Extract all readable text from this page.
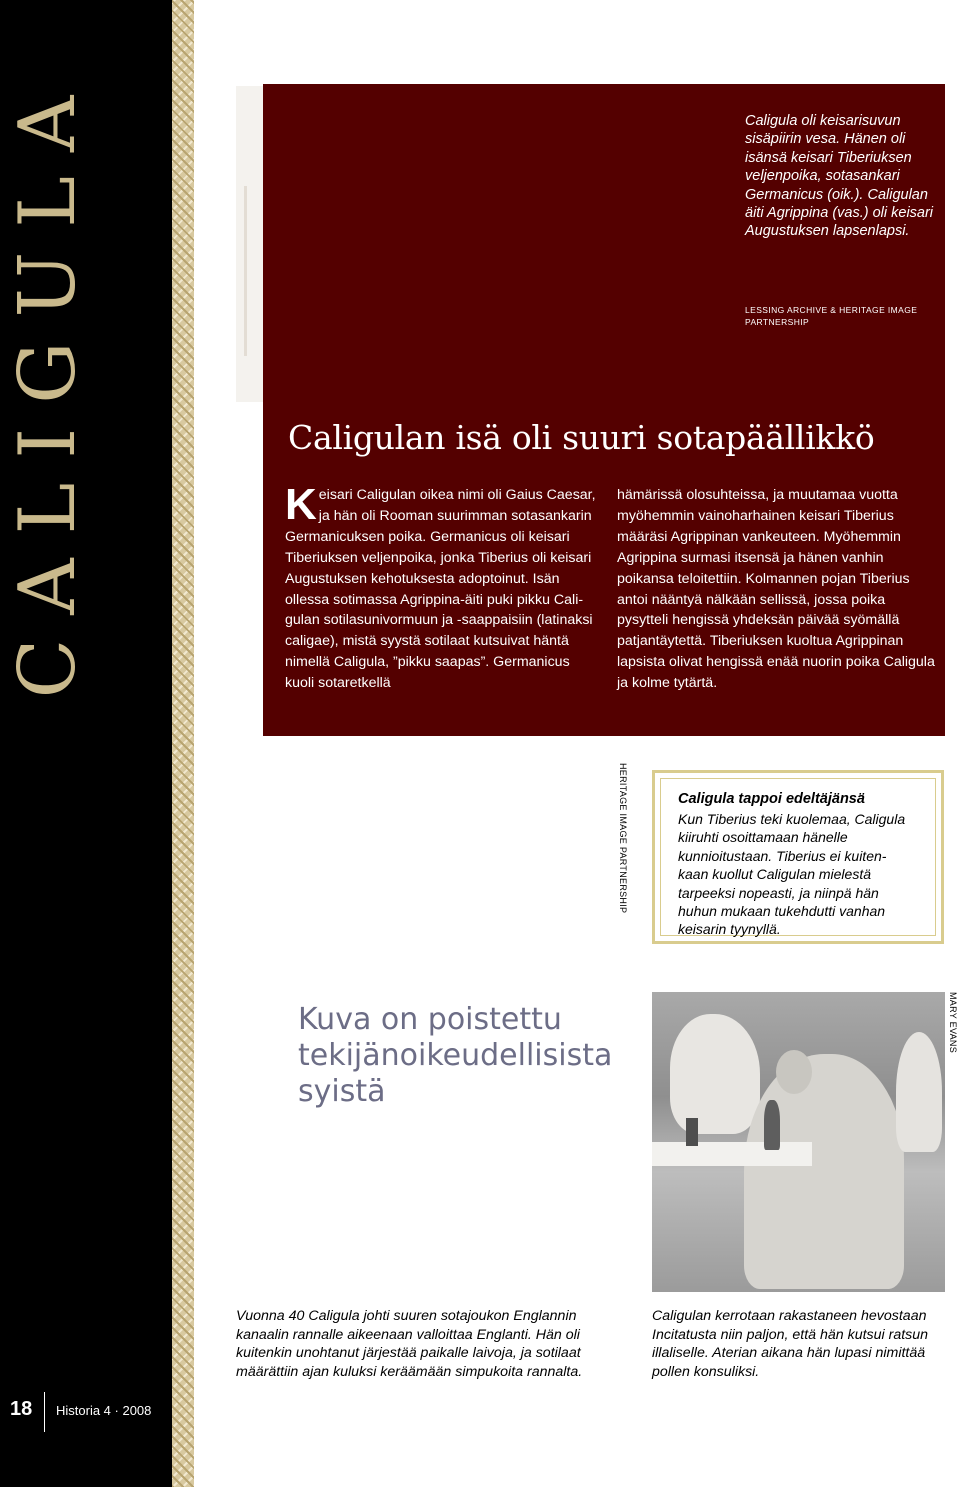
CALIGULA
18 Historia 4 · 2008
Caligula oli keisarisuvun sisäpiirin vesa. Hänen oli isänsä keisari Tiberiuksen veljenpoika, sotasankari Germanicus (oik.). Caligulan äiti Agrippina (vas.) oli keisari Augustuksen lapsenlapsi.
LESSING ARCHIVE & HERITAGE IMAGE PARTNERSHIP
Caligulan isä oli suuri sotapäällikkö

Keisari Caligulan oikea nimi oli Gaius Caesar, ja hän oli Rooman suurimman sotasankarin Germanicuksen poika. Germanicus oli keisari Tiberiuksen veljenpoika, jonka Tiberius oli keisari Augustuksen kehotuksesta adoptoinut. Isän ollessa sotimassa Agrippina-äiti puki pikku Caligulan sotilasunivormuun ja -saappaisiin (latinaksi caligae), mistä syystä sotilaat kutsuivat häntä nimellä Caligula, ”pikku saapas”. Germanicus kuoli sotaretkellä

hämärissä olosuhteissa, ja muutamaa vuotta myöhemmin vainoharhainen keisari Tiberius määräsi Agrippinan vankeuteen. Myöhemmin Agrippina surmasi itsensä ja hänen vanhin poikansa teloitettiin. Kolmannen pojan Tiberius antoi nääntyä nälkään sellissä, jossa poika pysytteli hengissä yhdeksän päivää syömällä patjantäytettä. Tiberiuksen kuoltua Agrippinan lapsista olivat hengissä enää nuorin poika Caligula ja kolme tytärtä.

HERITAGE IMAGE PARTNERSHIP	Caligula tappoi edeltäjänsä
Kun Tiberius teki kuolemaa, Caligula kiiruhti osoittamaan hänelle kunnioitustaan. Tiberius ei kuitenkaan kuollut Caligulan mielestä tarpeeksi nopeasti, ja niinpä hän huhun mukaan tukehdutti vanhan keisarin tyynyllä.
Kuva on poistettu tekijänoikeudellisista syistä
MARY EVANS
Vuonna 40 Caligula johti suuren sotajoukon Englannin kanaalin rannalle aikeenaan valloittaa Englanti. Hän oli kuitenkin unohtanut järjestää paikalle laivoja, ja sotilaat määrättiin ajan kuluksi keräämään simpukoita rannalta.
Caligulan kerrotaan rakastaneen hevostaan Incitatusta niin paljon, että hän kutsui ratsun illaliselle. Aterian aikana hän lupasi nimittää pollen konsuliksi.
